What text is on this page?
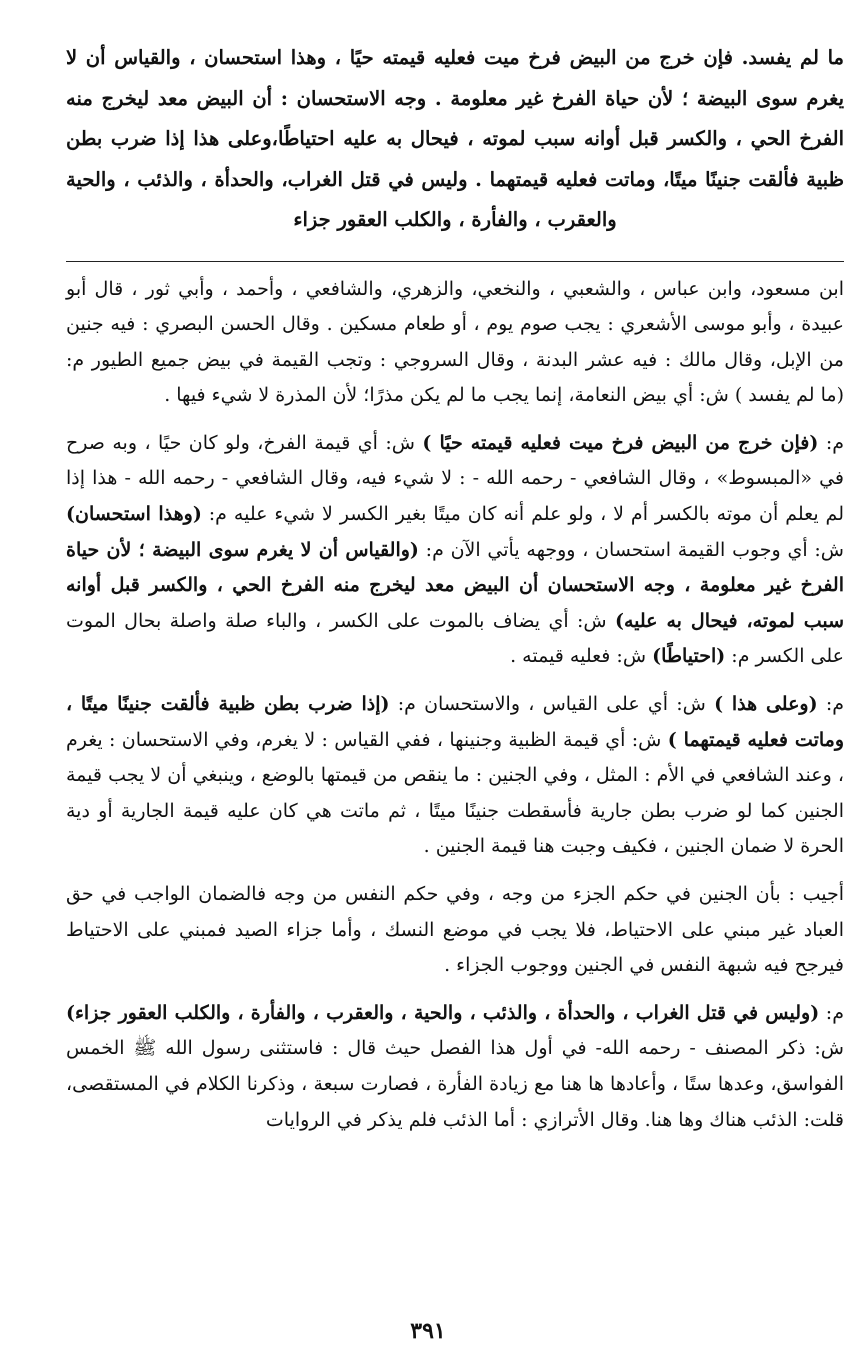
ما لم يفسد. فإن خرج من البيض فرخ ميت فعليه قيمته حيًا ، وهذا استحسان ، والقياس أن لا يغرم سوى البيضة ؛ لأن حياة الفرخ غير معلومة . وجه الاستحسان : أن البيض معد ليخرج منه الفرخ الحي ، والكسر قبل أوانه سبب لموته ، فيحال به عليه احتياطًا،وعلى هذا إذا ضرب بطن ظبية فألقت جنينًا ميتًا، وماتت فعليه قيمتهما . وليس في قتل الغراب، والحدأة ، والذئب ، والحية والعقرب ، والفأرة ، والكلب العقور جزاء

ابن مسعود، وابن عباس ، والشعبي ، والنخعي، والزهري، والشافعي ، وأحمد ، وأبي ثور ، قال أبو عبيدة ، وأبو موسى الأشعري : يجب صوم يوم ، أو طعام مسكين . وقال الحسن البصري : فيه جنين من الإبل، وقال مالك : فيه عشر البدنة ، وقال السروجي : وتجب القيمة في بيض جميع الطيور م: (ما لم يفسد ) ش: أي بيض النعامة، إنما يجب ما لم يكن مذرًا؛ لأن المذرة لا شيء فيها .

م: (فإن خرج من البيض فرخ ميت فعليه قيمته حيًا ) ش: أي قيمة الفرخ، ولو كان حيًا ، وبه صرح في «المبسوط» ، وقال الشافعي - رحمه الله - : لا شيء فيه، وقال الشافعي - رحمه الله - هذا إذا لم يعلم أن موته بالكسر أم لا ، ولو علم أنه كان ميتًا بغير الكسر لا شيء عليه م: (وهذا استحسان) ش: أي وجوب القيمة استحسان ، ووجهه يأتي الآن م: (والقياس أن لا يغرم سوى البيضة ؛ لأن حياة الفرخ غير معلومة ، وجه الاستحسان أن البيض معد ليخرج منه الفرخ الحي ، والكسر قبل أوانه سبب لموته، فيحال به عليه) ش: أي يضاف بالموت على الكسر ، والباء صلة واصلة بحال الموت على الكسر م: (احتياطًا) ش: فعليه قيمته .

م: (وعلى هذا ) ش: أي على القياس ، والاستحسان م: (إذا ضرب بطن ظبية فألقت جنينًا ميتًا ، وماتت فعليه قيمتهما ) ش: أي قيمة الظبية وجنينها ، ففي القياس : لا يغرم، وفي الاستحسان : يغرم ، وعند الشافعي في الأم : المثل ، وفي الجنين : ما ينقص من قيمتها بالوضع ، وينبغي أن لا يجب قيمة الجنين كما لو ضرب بطن جارية فأسقطت جنينًا ميتًا ، ثم ماتت هي كان عليه قيمة الجارية أو دية الحرة لا ضمان الجنين ، فكيف وجبت هنا قيمة الجنين .

أجيب : بأن الجنين في حكم الجزء من وجه ، وفي حكم النفس من وجه فالضمان الواجب في حق العباد غير مبني على الاحتياط، فلا يجب في موضع النسك ، وأما جزاء الصيد فمبني على الاحتياط فيرجح فيه شبهة النفس في الجنين ووجوب الجزاء .

م: (وليس في قتل الغراب ، والحدأة ، والذئب ، والحية ، والعقرب ، والفأرة ، والكلب العقور جزاء) ش: ذكر المصنف - رحمه الله- في أول هذا الفصل حيث قال : فاستثنى رسول الله ﷺ الخمس الفواسق، وعدها ستًا ، وأعادها ها هنا مع زيادة الفأرة ، فصارت سبعة ، وذكرنا الكلام في المستقصى، قلت: الذئب هناك وها هنا. وقال الأترازي : أما الذئب فلم يذكر في الروايات

٣٩١
